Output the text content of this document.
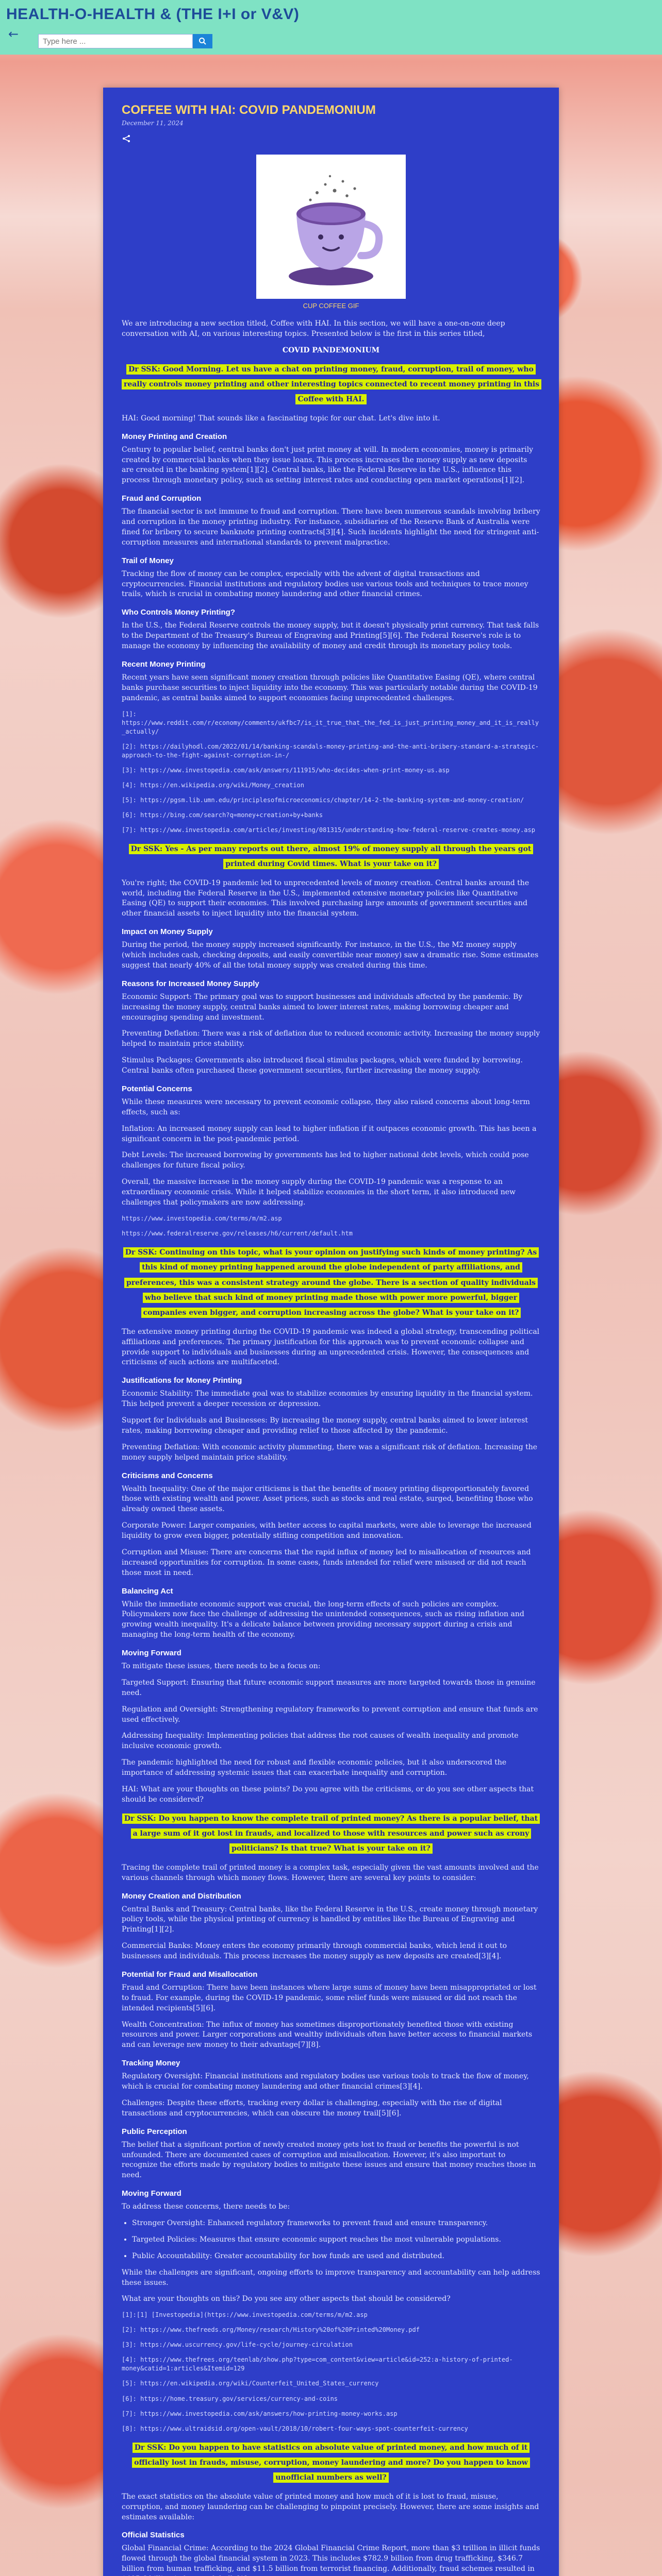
HEALTH-O-HEALTH & (THE I+I or V&V)
←
Type here ...
COFFEE WITH HAI: COVID PANDEMONIUM
December 11, 2024
CUP COFFEE GIF

We are introducing a new section titled, Coffee with HAI. In this section, we will have a one-on-one deep conversation with AI, on various interesting topics. Presented below is the first in this series titled,

COVID PANDEMONIUM

Dr SSK: Good Morning. Let us have a chat on printing money, fraud, corruption, trail of money, who really controls money printing and other interesting topics connected to recent money printing in this Coffee with HAI.

HAI: Good morning! That sounds like a fascinating topic for our chat. Let's dive into it.

Money Printing and Creation

Century to popular belief, central banks don't just print money at will. In modern economies, money is primarily created by commercial banks when they issue loans. This process increases the money supply as new deposits are created in the banking system[1][2]. Central banks, like the Federal Reserve in the U.S., influence this process through monetary policy, such as setting interest rates and conducting open market operations[1][2].

Fraud and Corruption

The financial sector is not immune to fraud and corruption. There have been numerous scandals involving bribery and corruption in the money printing industry. For instance, subsidiaries of the Reserve Bank of Australia were fined for bribery to secure banknote printing contracts[3][4]. Such incidents highlight the need for stringent anti-corruption measures and international standards to prevent malpractice.

Trail of Money

Tracking the flow of money can be complex, especially with the advent of digital transactions and cryptocurrencies. Financial institutions and regulatory bodies use various tools and techniques to trace money trails, which is crucial in combating money laundering and other financial crimes.

Who Controls Money Printing?

In the U.S., the Federal Reserve controls the money supply, but it doesn't physically print currency. That task falls to the Department of the Treasury's Bureau of Engraving and Printing[5][6]. The Federal Reserve's role is to manage the economy by influencing the availability of money and credit through its monetary policy tools.

Recent Money Printing

Recent years have seen significant money creation through policies like Quantitative Easing (QE), where central banks purchase securities to inject liquidity into the economy. This was particularly notable during the COVID-19 pandemic, as central banks aimed to support economies facing unprecedented challenges.

[1]: https://www.reddit.com/r/economy/comments/ukfbc7/is_it_true_that_the_fed_is_just_printing_money_and_it_is_really_actually/

[2]: https://dailyhodl.com/2022/01/14/banking-scandals-money-printing-and-the-anti-bribery-standard-a-strategic-approach-to-the-fight-against-corruption-in-/

[3]: https://www.investopedia.com/ask/answers/111915/who-decides-when-print-money-us.asp

[4]: https://en.wikipedia.org/wiki/Money_creation

[5]: https://pgsm.lib.umn.edu/principlesofmicroeconomics/chapter/14-2-the-banking-system-and-money-creation/

[6]: https://bing.com/search?q=money+creation+by+banks

[7]: https://www.investopedia.com/articles/investing/081315/understanding-how-federal-reserve-creates-money.asp

Dr SSK: Yes - As per many reports out there, almost 19% of money supply all through the years got printed during Covid times. What is your take on it?

You're right; the COVID-19 pandemic led to unprecedented levels of money creation. Central banks around the world, including the Federal Reserve in the U.S., implemented extensive monetary policies like Quantitative Easing (QE) to support their economies. This involved purchasing large amounts of government securities and other financial assets to inject liquidity into the financial system.

Impact on Money Supply

During the period, the money supply increased significantly. For instance, in the U.S., the M2 money supply (which includes cash, checking deposits, and easily convertible near money) saw a dramatic rise. Some estimates suggest that nearly 40% of all the total money supply was created during this time.

Reasons for Increased Money Supply

Economic Support: The primary goal was to support businesses and individuals affected by the pandemic. By increasing the money supply, central banks aimed to lower interest rates, making borrowing cheaper and encouraging spending and investment.

Preventing Deflation: There was a risk of deflation due to reduced economic activity. Increasing the money supply helped to maintain price stability.

Stimulus Packages: Governments also introduced fiscal stimulus packages, which were funded by borrowing. Central banks often purchased these government securities, further increasing the money supply.

Potential Concerns

While these measures were necessary to prevent economic collapse, they also raised concerns about long-term effects, such as:

Inflation: An increased money supply can lead to higher inflation if it outpaces economic growth. This has been a significant concern in the post-pandemic period.

Debt Levels: The increased borrowing by governments has led to higher national debt levels, which could pose challenges for future fiscal policy.

Overall, the massive increase in the money supply during the COVID-19 pandemic was a response to an extraordinary economic crisis. While it helped stabilize economies in the short term, it also introduced new challenges that policymakers are now addressing.

https://www.investopedia.com/terms/m/m2.asp

https://www.federalreserve.gov/releases/h6/current/default.htm

Dr SSK: Continuing on this topic, what is your opinion on justifying such kinds of money printing? As this kind of money printing happened around the globe independent of party affiliations, and preferences, this was a consistent strategy around the globe. There is a section of quality individuals who believe that such kind of money printing made those with power more powerful, bigger companies even bigger, and corruption increasing across the globe? What is your take on it?

The extensive money printing during the COVID-19 pandemic was indeed a global strategy, transcending political affiliations and preferences. The primary justification for this approach was to prevent economic collapse and provide support to individuals and businesses during an unprecedented crisis. However, the consequences and criticisms of such actions are multifaceted.

Justifications for Money Printing

Economic Stability: The immediate goal was to stabilize economies by ensuring liquidity in the financial system. This helped prevent a deeper recession or depression.

Support for Individuals and Businesses: By increasing the money supply, central banks aimed to lower interest rates, making borrowing cheaper and providing relief to those affected by the pandemic.

Preventing Deflation: With economic activity plummeting, there was a significant risk of deflation. Increasing the money supply helped maintain price stability.

Criticisms and Concerns

Wealth Inequality: One of the major criticisms is that the benefits of money printing disproportionately favored those with existing wealth and power. Asset prices, such as stocks and real estate, surged, benefiting those who already owned these assets.

Corporate Power: Larger companies, with better access to capital markets, were able to leverage the increased liquidity to grow even bigger, potentially stifling competition and innovation.

Corruption and Misuse: There are concerns that the rapid influx of money led to misallocation of resources and increased opportunities for corruption. In some cases, funds intended for relief were misused or did not reach those most in need.

Balancing Act

While the immediate economic support was crucial, the long-term effects of such policies are complex. Policymakers now face the challenge of addressing the unintended consequences, such as rising inflation and growing wealth inequality. It's a delicate balance between providing necessary support during a crisis and managing the long-term health of the economy.

Moving Forward

To mitigate these issues, there needs to be a focus on:

Targeted Support: Ensuring that future economic support measures are more targeted towards those in genuine need.

Regulation and Oversight: Strengthening regulatory frameworks to prevent corruption and ensure that funds are used effectively.

Addressing Inequality: Implementing policies that address the root causes of wealth inequality and promote inclusive economic growth.

The pandemic highlighted the need for robust and flexible economic policies, but it also underscored the importance of addressing systemic issues that can exacerbate inequality and corruption.

HAI: What are your thoughts on these points? Do you agree with the criticisms, or do you see other aspects that should be considered?

Dr SSK: Do you happen to know the complete trail of printed money? As there is a popular belief, that a large sum of it got lost in frauds, and localized to those with resources and power such as crony politicians? Is that true? What is your take on it?

Tracing the complete trail of printed money is a complex task, especially given the vast amounts involved and the various channels through which money flows. However, there are several key points to consider:

Money Creation and Distribution

Central Banks and Treasury: Central banks, like the Federal Reserve in the U.S., create money through monetary policy tools, while the physical printing of currency is handled by entities like the Bureau of Engraving and Printing[1][2].

Commercial Banks: Money enters the economy primarily through commercial banks, which lend it out to businesses and individuals. This process increases the money supply as new deposits are created[3][4].

Potential for Fraud and Misallocation

Fraud and Corruption: There have been instances where large sums of money have been misappropriated or lost to fraud. For example, during the COVID-19 pandemic, some relief funds were misused or did not reach the intended recipients[5][6].

Wealth Concentration: The influx of money has sometimes disproportionately benefited those with existing resources and power. Larger corporations and wealthy individuals often have better access to financial markets and can leverage new money to their advantage[7][8].

Tracking Money

Regulatory Oversight: Financial institutions and regulatory bodies use various tools to track the flow of money, which is crucial for combating money laundering and other financial crimes[3][4].

Challenges: Despite these efforts, tracking every dollar is challenging, especially with the rise of digital transactions and cryptocurrencies, which can obscure the money trail[5][6].

Public Perception

The belief that a significant portion of newly created money gets lost to fraud or benefits the powerful is not unfounded. There are documented cases of corruption and misallocation. However, it's also important to recognize the efforts made by regulatory bodies to mitigate these issues and ensure that money reaches those in need.

Moving Forward

To address these concerns, there needs to be:

• Stronger Oversight: Enhanced regulatory frameworks to prevent fraud and ensure transparency.
• Targeted Policies: Measures that ensure economic support reaches the most vulnerable populations.
• Public Accountability: Greater accountability for how funds are used and distributed.

While the challenges are significant, ongoing efforts to improve transparency and accountability can help address these issues.

What are your thoughts on this? Do you see any other aspects that should be considered?

[1]:[1] [Investopedia](https://www.investopedia.com/terms/m/m2.asp

[2]: https://www.thefreeds.org/Money/research/History%20of%20Printed%20Money.pdf

[3]: https://www.uscurrency.gov/life-cycle/journey-circulation

[4]: https://www.thefrees.org/teenlab/show.php?type=com_content&view=article&id=252:a-history-of-printed-money&catid=1:articles&Itemid=129

[5]: https://en.wikipedia.org/wiki/Counterfeit_United_States_currency

[6]: https://home.treasury.gov/services/currency-and-coins

[7]: https://www.investopedia.com/ask/answers/how-printing-money-works.asp

[8]: https://www.ultraidsid.org/open-vault/2018/10/robert-four-ways-spot-counterfeit-currency

Dr SSK: Do you happen to have statistics on absolute value of printed money, and how much of it officially lost in frauds, misuse, corruption, money laundering and more? Do you happen to know unofficial numbers as well?

The exact statistics on the absolute value of printed money and how much of it is lost to fraud, misuse, corruption, and money laundering can be challenging to pinpoint precisely. However, there are some insights and estimates available:

Official Statistics

Global Financial Crime: According to the 2024 Global Financial Crime Report, more than $3 trillion in illicit funds flowed through the global financial system in 2023. This includes $782.9 billion from drug trafficking, $346.7 billion from human trafficking, and $11.5 billion from terrorist financing. Additionally, fraud schemes resulted in
